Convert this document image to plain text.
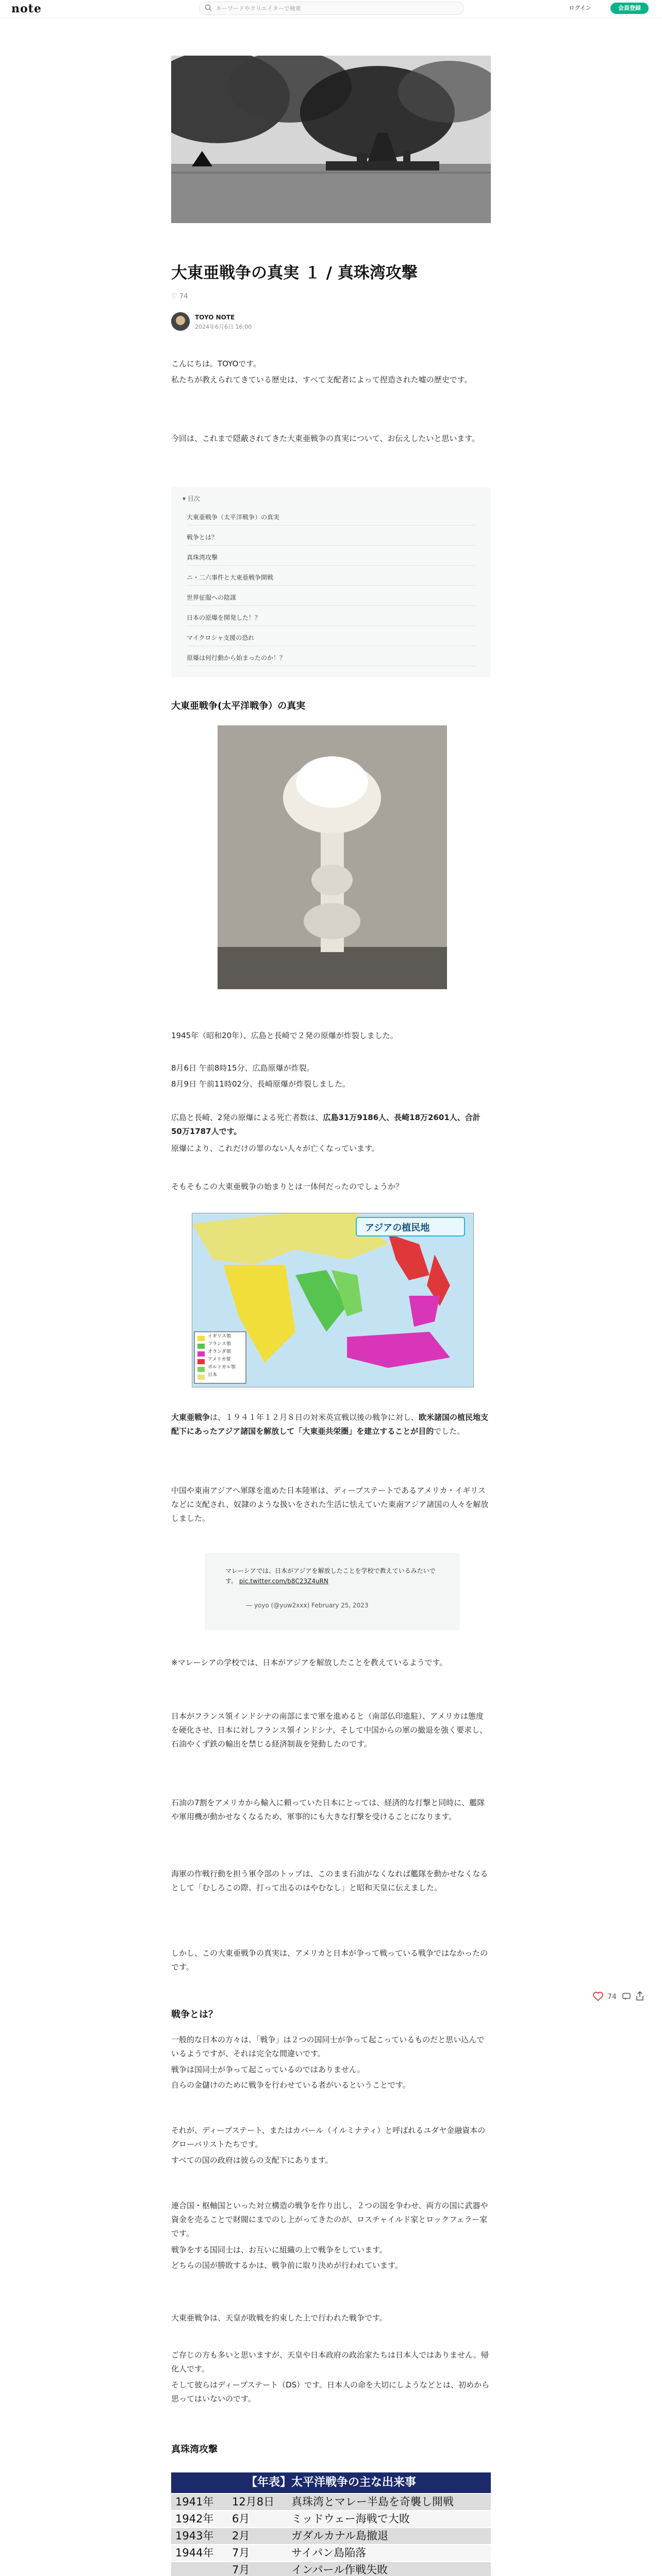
note	キーワードやクリエイターで検索	ログイン	会員登録
大東亜戦争の真実 １ / 真珠湾攻撃
♡ 74
TOYO NOTE
2024年6月6日 16:00
こんにちは。TOYOです。
私たちが教えられてきている歴史は、すべて支配者によって捏造された嘘の歴史です。
今回は、これまで隠蔽されてきた大東亜戦争の真実について、お伝えしたいと思います。
▾ 目次
大東亜戦争（太平洋戦争）の真実
戦争とは？
真珠湾攻撃
ニ・二六事件と大東亜戦争開戦
世界征服への陰謀
日本の原爆を開発した！？
マイクロシャ支援の恐れ
原爆は何行動から始まったのか！？
大東亜戦争(太平洋戦争）の真実
1945年（昭和20年）、広島と長崎で２発の原爆が炸裂しました。
8月6日 午前8時15分、広島原爆が炸裂。
8月9日 午前11時02分、長崎原爆が炸裂しました。
広島と長崎、2発の原爆による死亡者数は、広島31万9186人、長崎18万2601人、合計50万1787人です。
原爆により、これだけの罪のない人々が亡くなっています。
そもそもこの大東亜戦争の始まりとは一体何だったのでしょうか？
アジアの植民地
イギリス領
フランス領
オランダ領
アメリカ領
ポルトガル領
日本
大東亜戦争は、１９４１年１２月８日の対米英宣戦以後の戦争に対し、欧米諸国の植民地支配下にあったアジア諸国を解放して「大東亜共栄圏」を建立することが目的でした。
中国や東南アジアへ軍隊を進めた日本陸軍は、ディープステートであるアメリカ・イギリスなどに支配され、奴隷のような扱いをされた生活に怯えていた東南アジア諸国の人々を解放しました。
マレーシアでは、日本がアジアを解放したことを学校で教えているみたいです。 pic.twitter.com/b8C23Z4uRN
— yoyo (@yuw2xxx) February 25, 2023
※マレーシアの学校では、日本がアジアを解放したことを教えているようです。
日本がフランス領インドシナの南部にまで軍を進めると（南部仏印進駐）、アメリカは態度を硬化させ、日本に対しフランス領インドシナ、そして中国からの軍の撤退を強く要求し、石油やくず鉄の輸出を禁じる経済制裁を発動したのです。
石油の7割をアメリカから輸入に頼っていた日本にとっては、経済的な打撃と同時に、艦隊や軍用機が動かせなくなるため、軍事的にも大きな打撃を受けることになります。
海軍の作戦行動を担う軍令部のトップは、このまま石油がなくなれば艦隊を動かせなくなるとして「むしろこの際、打って出るのはやむなし」と昭和天皇に伝えました。
しかし、この大東亜戦争の真実は、アメリカと日本が争って戦っている戦争ではなかったのです。
戦争とは？
一般的な日本の方々は、「戦争」は２つの国同士が争って起こっているものだと思い込んでいるようですが、それは完全な間違いです。
戦争は国同士が争って起こっているのではありません。
自らの金儲けのために戦争を行わせている者がいるということです。
それが、ディープステート、またはカバール（イルミナティ）と呼ばれるユダヤ金融資本のグローバリストたちです。
すべての国の政府は彼らの支配下にあります。
連合国・枢軸国といった対立構造の戦争を作り出し、２つの国を争わせ、両方の国に武器や資金を売ることで財閥にまでのし上がってきたのが、ロスチャイルド家とロックフェラー家です。
戦争をする国同士は、お互いに組織の上で戦争をしています。
どちらの国が勝敗するかは、戦争前に取り決めが行われています。
大東亜戦争は、天皇が敗戦を約束した上で行われた戦争です。
ご存じの方も多いと思いますが、天皇や日本政府の政治家たちは日本人ではありません。帰化人です。
そして彼らはディープステート（DS）です。日本人の命を大切にしようなどとは、初めから思ってはいないのです。
真珠湾攻撃
【年表】太平洋戦争の主な出来事
1941年 12月8日 真珠湾とマレー半島を奇襲し開戦
1942年 6月	ミッドウェー海戦で大敗
1943年 2月	ガダルカナル島撤退
1944年 7月	サイパン島陥落
7月	インパール作戦失敗
74
